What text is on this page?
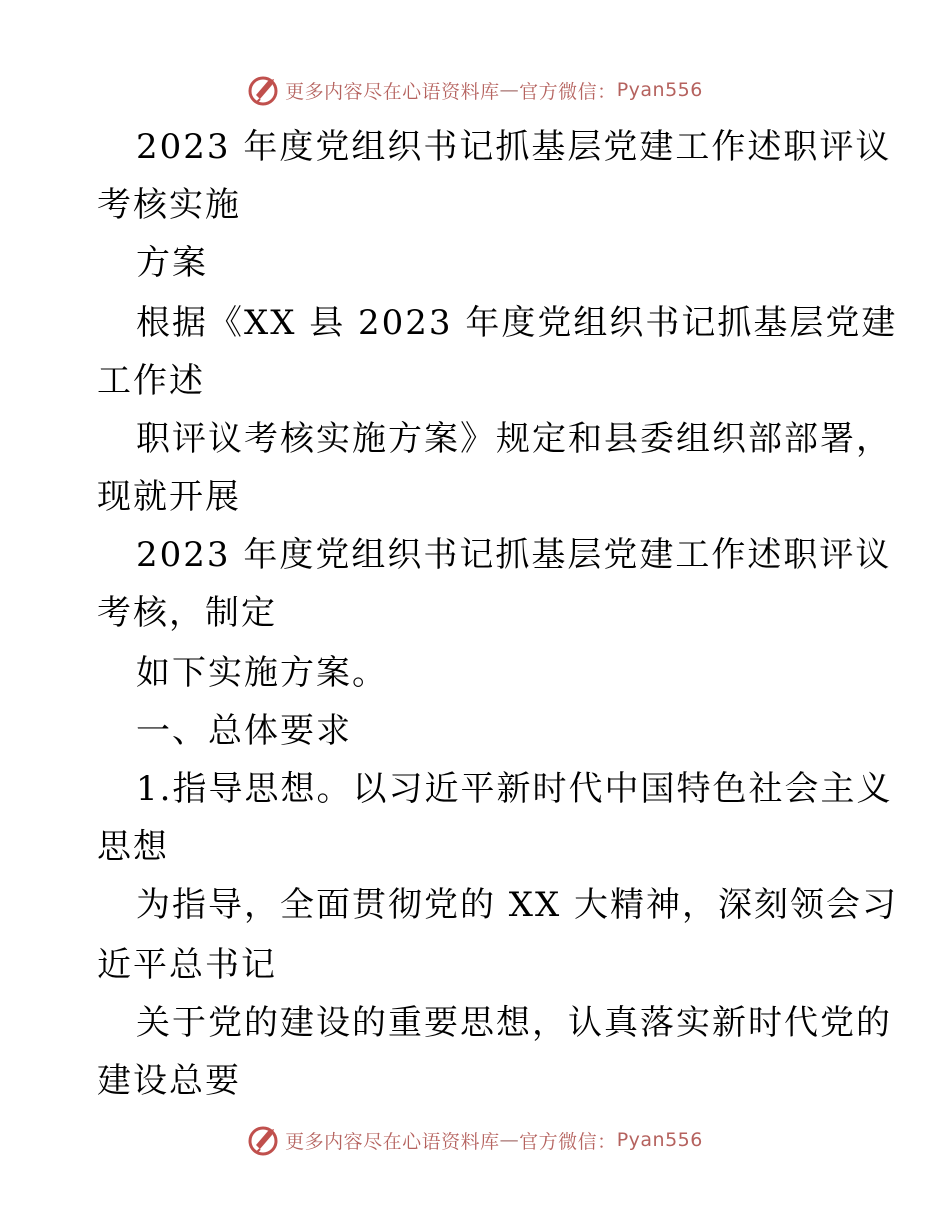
更多内容尽在心语资料库 — 官方微信： Pyan556
2023 年度党组织书记抓基层党建工作述职评议
考核实施
方案
根据《XX 县 2023 年度党组织书记抓基层党建
工作述
职评议考核实施方案》规定和县委组织部部署，
现就开展
2023 年度党组织书记抓基层党建工作述职评议
考核，制定
如下实施方案。
一、总体要求
1.指导思想。以习近平新时代中国特色社会主义
思想
为指导，全面贯彻党的 XX 大精神，深刻领会习
近平总书记
关于党的建设的重要思想，认真落实新时代党的
建设总要
更多内容尽在心语资料库 — 官方微信： Pyan556
